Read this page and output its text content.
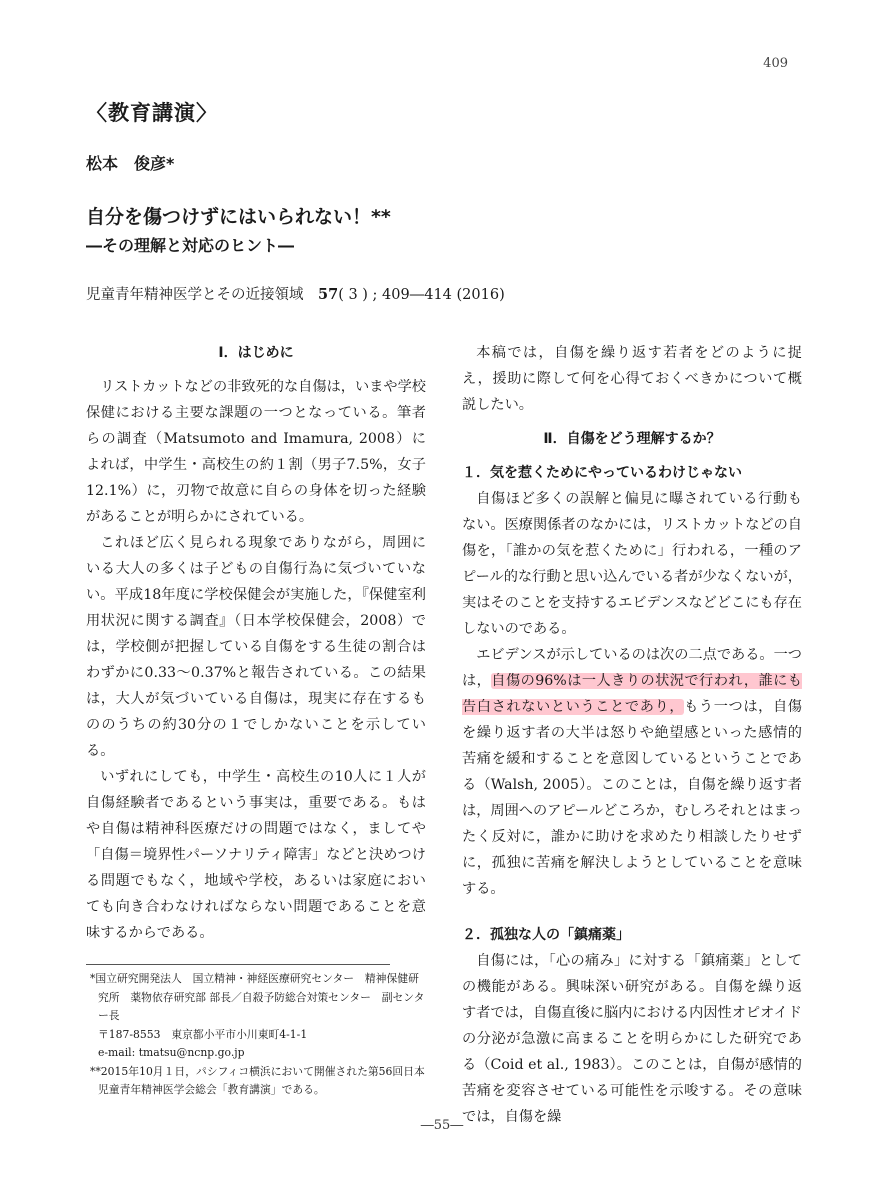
409
〈教育講演〉
松本　俊彦*
自分を傷つけずにはいられない！**
―その理解と対応のヒント―
児童青年精神医学とその近接領域　 57( 3 ) ; 409―414 (2016)
Ⅰ．はじめに

リストカットなどの非致死的な自傷は，いまや学校保健における主要な課題の一つとなっている。筆者らの調査（Matsumoto and Imamura, 2008）によれば，中学生・高校生の約１割（男子7.5%，女子12.1%）に，刃物で故意に自らの身体を切った経験があることが明らかにされている。

これほど広く見られる現象でありながら，周囲にいる大人の多くは子どもの自傷行為に気づいていない。平成18年度に学校保健会が実施した，『保健室利用状況に関する調査』（日本学校保健会，2008）では，学校側が把握している自傷をする生徒の割合はわずかに0.33～0.37%と報告されている。この結果は，大人が気づいている自傷は，現実に存在するもののうちの約30分の１でしかないことを示している。

いずれにしても，中学生・高校生の10人に１人が自傷経験者であるという事実は，重要である。もはや自傷は精神科医療だけの問題ではなく，ましてや「自傷＝境界性パーソナリティ障害」などと決めつける問題でもなく，地域や学校，あるいは家庭においても向き合わなければならない問題であることを意味するからである。

本稿では，自傷を繰り返す若者をどのように捉え，援助に際して何を心得ておくべきかについて概説したい。

Ⅱ．自傷をどう理解するか？

１．気を惹くためにやっているわけじゃない

自傷ほど多くの誤解と偏見に曝されている行動もない。医療関係者のなかには，リストカットなどの自傷を，「誰かの気を惹くために」行われる，一種のアピール的な行動と思い込んでいる者が少なくないが，実はそのことを支持するエビデンスなどどこにも存在しないのである。

エビデンスが示しているのは次の二点である。一つは，自傷の96%は一人きりの状況で行われ，誰にも告白されないということであり，もう一つは，自傷を繰り返す者の大半は怒りや絶望感といった感情的苦痛を緩和することを意図しているということである（Walsh, 2005）。このことは，自傷を繰り返す者は，周囲へのアピールどころか，むしろそれとはまったく反対に，誰かに助けを求めたり相談したりせずに，孤独に苦痛を解決しようとしていることを意味する。

２．孤独な人の「鎮痛薬」

自傷には，「心の痛み」に対する「鎮痛薬」としての機能がある。興味深い研究がある。自傷を繰り返す者では，自傷直後に脳内における内因性オピオイドの分泌が急激に高まることを明らかにした研究である（Coid et al., 1983）。このことは，自傷が感情的苦痛を変容させている可能性を示唆する。その意味では，自傷を繰

*国立研究開発法人　国立精神・神経医療研究センター　精神保健研究所　薬物依存研究部 部長／自殺予防総合対策センター　副センター長
〒187-8553　東京都小平市小川東町4-1-1
e-mail: tmatsu@ncnp.go.jp
**2015年10月１日，パシフィコ横浜において開催された第56回日本児童青年精神医学会総会「教育講演」である。
―55―
